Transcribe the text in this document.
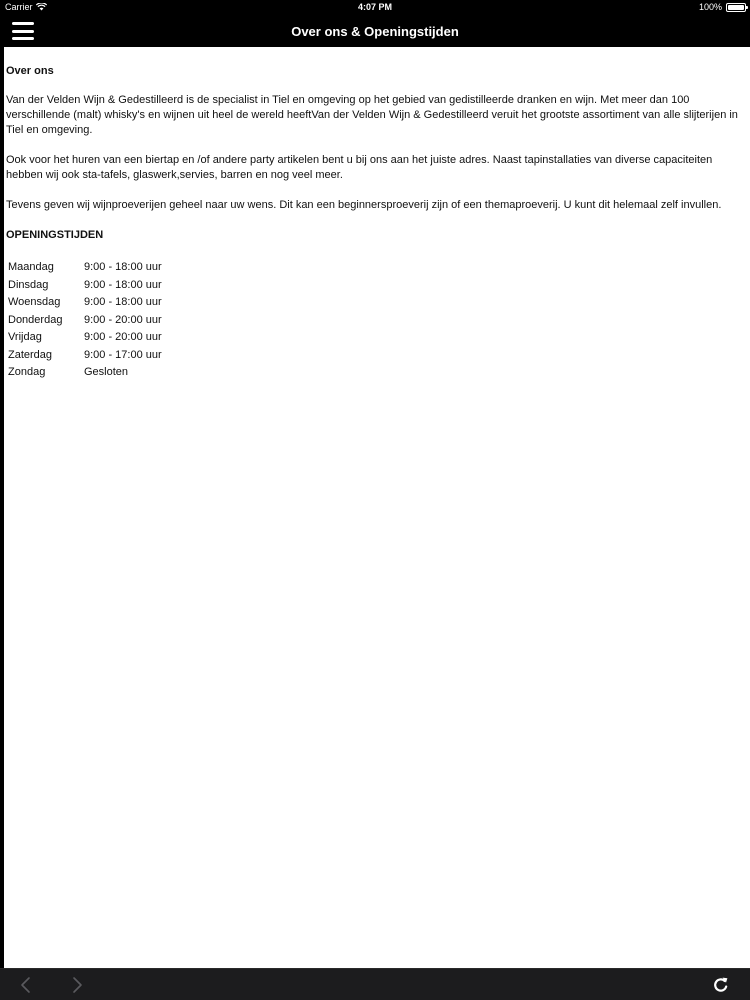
Carrier	4:07 PM	100%
Over ons & Openingstijden
Over ons

Van der Velden Wijn & Gedestilleerd is de specialist in Tiel en omgeving op het gebied van gedistilleerde dranken en wijn. Met meer dan 100 verschillende (malt) whisky's en wijnen uit heel de wereld heeftVan der Velden Wijn & Gedestilleerd veruit het grootste assortiment van alle slijterijen in Tiel en omgeving.

Ook voor het huren van een biertap en /of andere party artikelen bent u bij ons aan het juiste adres. Naast tapinstallaties van diverse capaciteiten hebben wij ook sta-tafels, glaswerk,servies, barren en nog veel meer.

Tevens geven wij wijnproeverijen geheel naar uw wens. Dit kan een beginnersproeverij zijn of een themaproeverij. U kunt dit helemaal zelf invullen.

OPENINGSTIJDEN
Maandag	9:00 - 18:00 uur
Dinsdag	9:00 - 18:00 uur
Woensdag	9:00 - 18:00 uur
Donderdag	9:00 - 20:00 uur
Vrijdag	9:00 - 20:00 uur
Zaterdag	9:00 - 17:00 uur
Zondag	Gesloten
